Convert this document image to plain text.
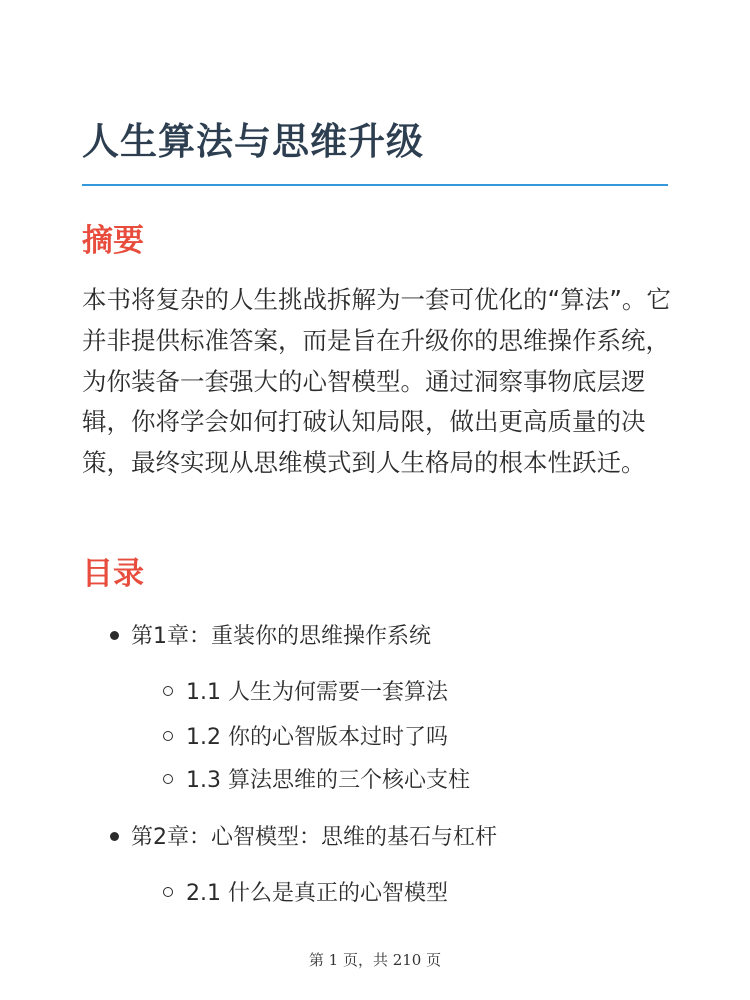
人生算法与思维升级
摘要

本书将复杂的人生挑战拆解为一套可优化的“算法”。它并非提供标准答案，而是旨在升级你的思维操作系统，为你装备一套强大的心智模型。通过洞察事物底层逻辑，你将学会如何打破认知局限，做出更高质量的决策，最终实现从思维模式到人生格局的根本性跃迁。

目录
第1章：重装你的思维操作系统
1.1 人生为何需要一套算法
1.2 你的心智版本过时了吗
1.3 算法思维的三个核心支柱
第2章：心智模型：思维的基石与杠杆
2.1 什么是真正的心智模型
第 1 页，共 210 页
